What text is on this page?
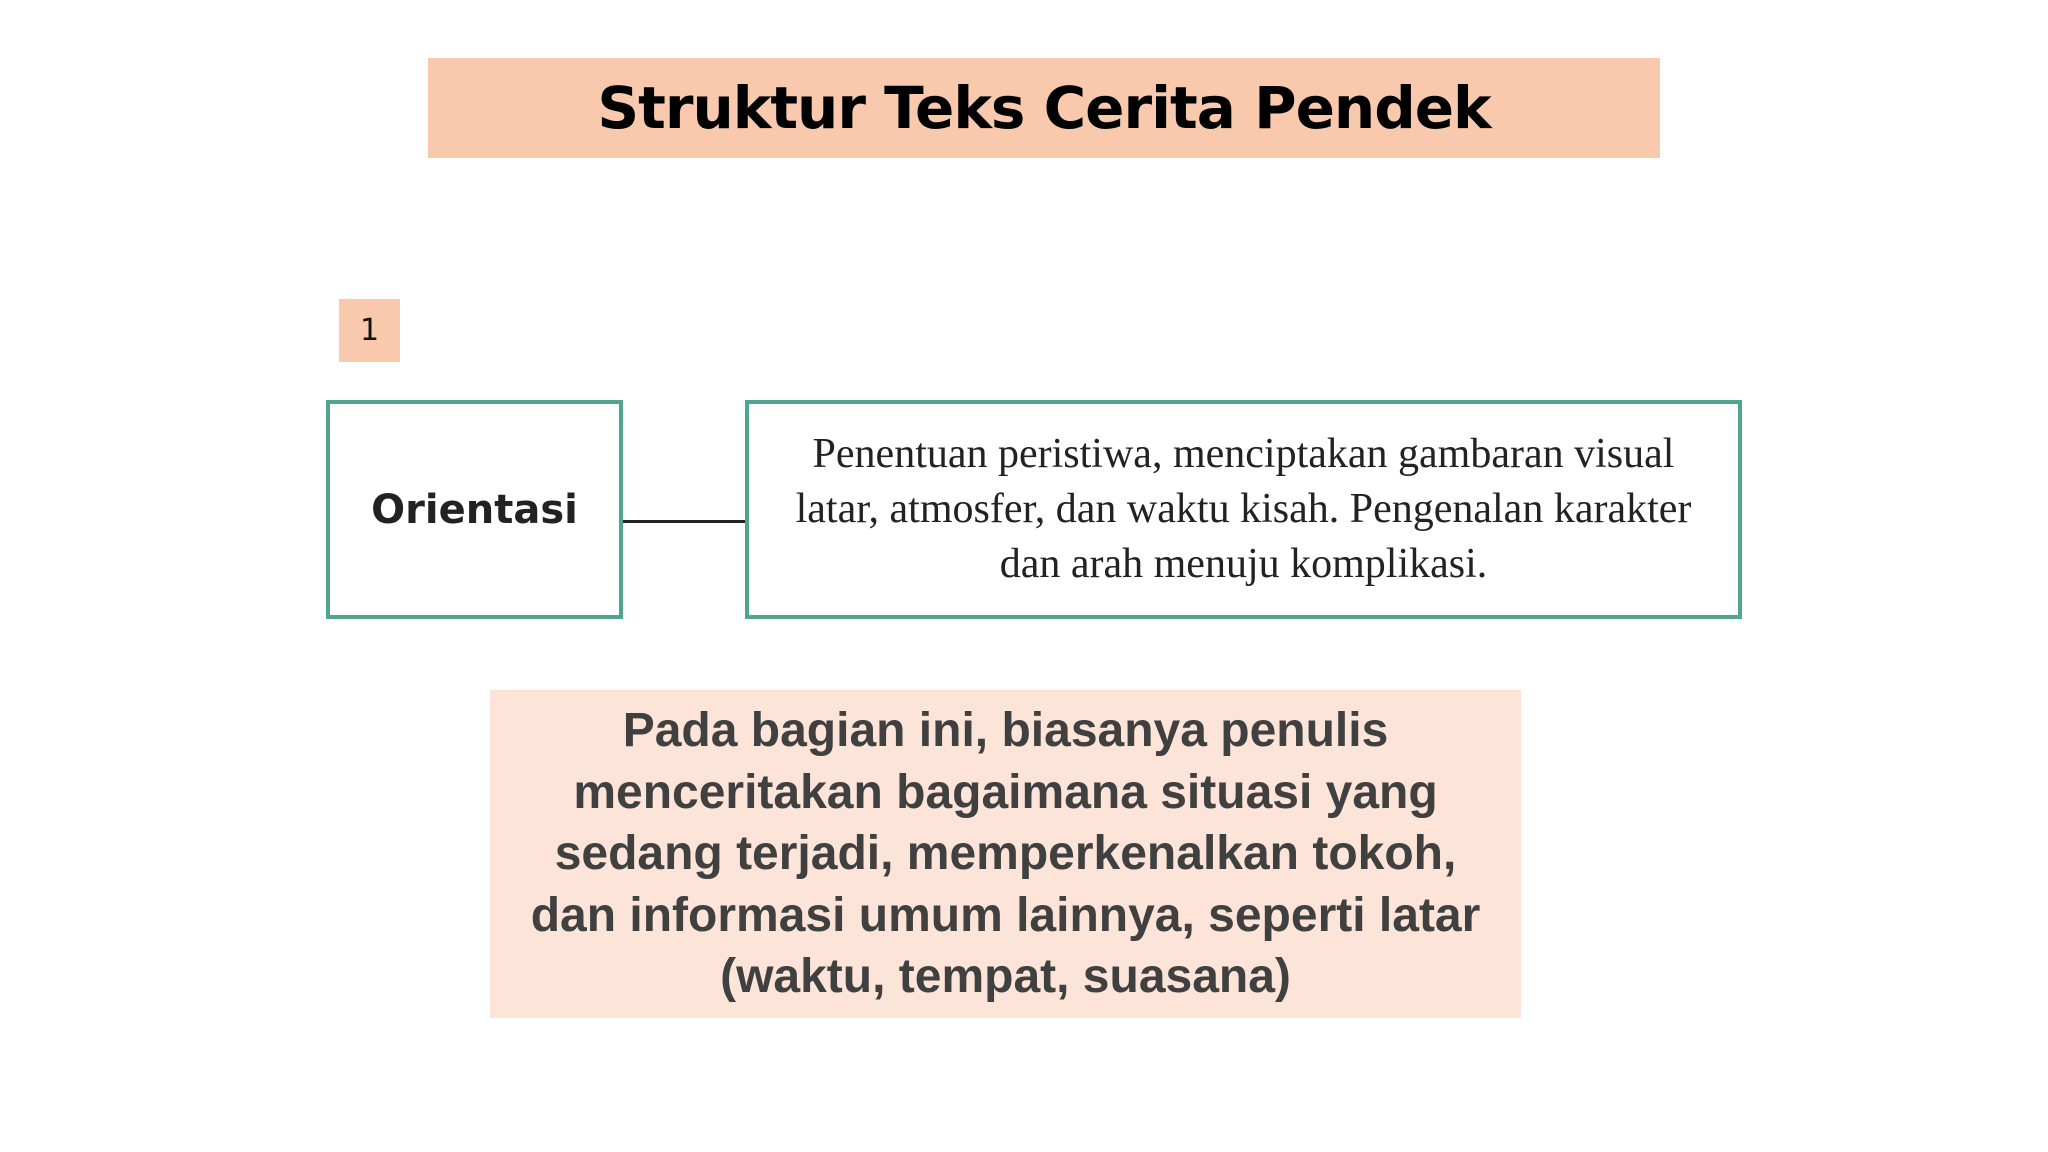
Struktur Teks Cerita Pendek
1
Orientasi
Penentuan peristiwa, menciptakan gambaran visual latar, atmosfer, dan waktu kisah. Pengenalan karakter dan arah menuju komplikasi.
Pada bagian ini, biasanya penulis menceritakan bagaimana situasi yang sedang terjadi, memperkenalkan tokoh, dan informasi umum lainnya, seperti latar (waktu, tempat, suasana)
